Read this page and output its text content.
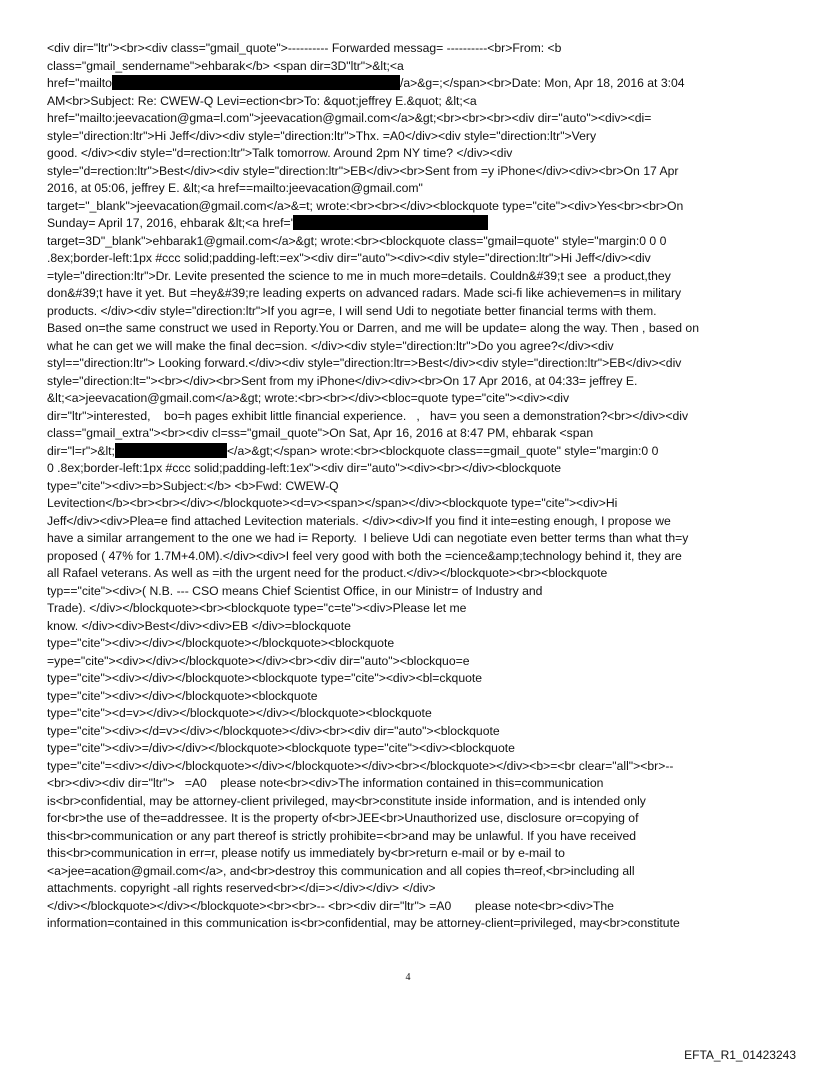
<div dir="ltr"><br><div class="gmail_quote">---------- Forwarded messag= ----------<br>From: <b
class="gmail_sendername">ehbarak</b> <span dir=3D"ltr">&lt;<a
href="mailto	/a>&g=;</span><br>Date: Mon, Apr 18, 2016 at 3:04
AM<br>Subject: Re: CWEW-Q Levi=ection<br>To: &quot;jeffrey E.&quot; &lt;<a
href="mailto:jeevacation@gma=l.com">jeevacation@gmail.com</a>&gt;<br><br><br><div dir="auto"><div><di=
style="direction:ltr">Hi Jeff</div><div style="direction:ltr">Thx. =A0</div><div style="direction:ltr">Very
good. </div><div style="d=rection:ltr">Talk tomorrow. Around 2pm NY time? </div><div
style="d=rection:ltr">Best</div><div style="direction:ltr">EB</div><br>Sent from =y iPhone</div><div><br>On 17 Apr
2016, at 05:06, jeffrey E. &lt;<a href==mailto:jeevacation@gmail.com"
target="_blank">jeevacation@gmail.com</a>&=t; wrote:<br><br></div><blockquote type="cite"><div>Yes<br><br>On
Sunday= April 17, 2016, ehbarak &lt;<a href='
target=3D"_blank">ehbarak1@gmail.com</a>&gt; wrote:<br><blockquote class="gmail=quote" style="margin:0 0 0
.8ex;border-left:1px #ccc solid;padding-left:=ex"><div dir="auto"><div><div style="direction:ltr">Hi Jeff</div><div
=tyle="direction:ltr">Dr. Levite presented the science to me in much more=details. Couldn&#39;t see  a product,they
don&#39;t have it yet. But =hey&#39;re leading experts on advanced radars. Made sci-fi like achievemen=s in military
products. </div><div style="direction:ltr">If you agr=e, I will send Udi to negotiate better financial terms with them.
Based on=the same construct we used in Reporty.You or Darren, and me will be update= along the way. Then , based on
what he can get we will make the final dec=sion. </div><div style="direction:ltr">Do you agree?</div><div
styl=="direction:ltr"> Looking forward.</div><div style="direction:ltr=>Best</div><div style="direction:ltr">EB</div><div
style="direction:lt="><br></div><br>Sent from my iPhone</div><div><br>On 17 Apr 2016, at 04:33= jeffrey E.
&lt;<a>jeevacation@gmail.com</a>&gt; wrote:<br><br></div><bloc=quote type="cite"><div><div
dir="ltr">interested,    bo=h pages exhibit little financial experience.   ,   hav= you seen a demonstration?<br></div><div
class="gmail_extra"><br><div cl=ss="gmail_quote">On Sat, Apr 16, 2016 at 8:47 PM, ehbarak <span
dir="l=r">&lt;	</a>&gt;</span> wrote:<br><blockquote class==gmail_quote" style="margin:0 0
0 .8ex;border-left:1px #ccc solid;padding-left:1ex"><div dir="auto"><div><br></div><blockquote
type="cite"><div>=b>Subject:</b> <b>Fwd: CWEW-Q
Levitection</b><br><br></div></blockquote><d=v><span></span></div><blockquote type="cite"><div>Hi
Jeff</div><div>Plea=e find attached Levitection materials. </div><div>If you find it inte=esting enough, I propose we
have a similar arrangement to the one we had i= Reporty.  I believe Udi can negotiate even better terms than what th=y
proposed ( 47% for 1.7M+4.0M).</div><div>I feel very good with both the =cience&amp;technology behind it, they are
all Rafael veterans. As well as =ith the urgent need for the product.</div></blockquote><br><blockquote
typ=="cite"><div>( N.B. --- CSO means Chief Scientist Office, in our Ministr= of Industry and
Trade). </div></blockquote><br><blockquote type="c=te"><div>Please let me
know. </div><div>Best</div><div>EB </div>=blockquote
type="cite"><div></div></blockquote></blockquote><blockquote
=ype="cite"><div></div></blockquote></div><br><div dir="auto"><blockquo=e
type="cite"><div></div></blockquote><blockquote type="cite"><div><bl=ckquote
type="cite"><div></div></blockquote><blockquote
type="cite"><d=v></div></blockquote></div></blockquote><blockquote
type="cite"><div></d=v></div></blockquote></div><br><div dir="auto"><blockquote
type="cite"><div>=/div></div></blockquote><blockquote type="cite"><div><blockquote
type="cite"=<div></div></blockquote></div></blockquote></div><br></blockquote></div><b>=<br clear="all"><br>--
<br><div><div dir="ltr">   =A0    please note<br><div>The information contained in this=communication
is<br>confidential, may be attorney-client privileged, may<br>constitute inside information, and is intended only
for<br>the use of the=addressee. It is the property of<br>JEE<br>Unauthorized use, disclosure or=copying of
this<br>communication or any part thereof is strictly prohibite=<br>and may be unlawful. If you have received
this<br>communication in err=r, please notify us immediately by<br>return e-mail or by e-mail to
<a>jee=acation@gmail.com</a>, and<br>destroy this communication and all copies th=reof,<br>including all
attachments. copyright -all rights reserved<br></di=></div></div> </div>
</div></blockquote></div></blockquote><br><br>-- <br><div dir="ltr"> =A0       please note<br><div>The
information=contained in this communication is<br>confidential, may be attorney-client=privileged, may<br>constitute
4
EFTA_R1_01423243
